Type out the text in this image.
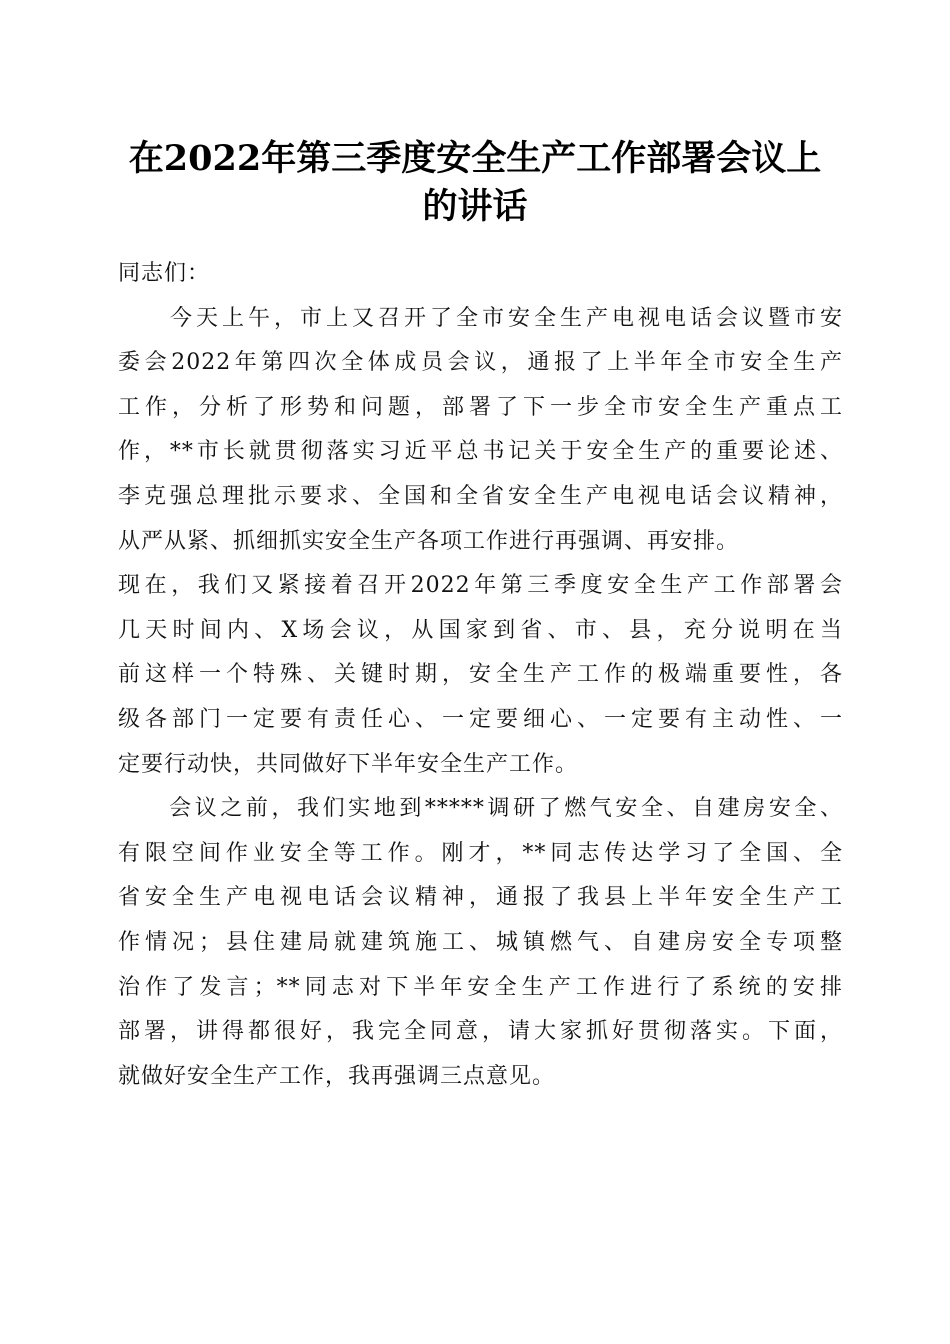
在2022年第三季度安全生产工作部署会议上
的讲话
同志们：
　　今天上午，市上又召开了全市安全生产电视电话会议暨市安
委会2022年第四次全体成员会议，通报了上半年全市安全生产
工作，分析了形势和问题，部署了下一步全市安全生产重点工
作，**市长就贯彻落实习近平总书记关于安全生产的重要论述、
李克强总理批示要求、全国和全省安全生产电视电话会议精神，
从严从紧、抓细抓实安全生产各项工作进行再强调、再安排。
现在，我们又紧接着召开2022年第三季度安全生产工作部署会
几天时间内、X场会议，从国家到省、市、县，充分说明在当
前这样一个特殊、关键时期，安全生产工作的极端重要性，各
级各部门一定要有责任心、一定要细心、一定要有主动性、一
定要行动快，共同做好下半年安全生产工作。
　　会议之前，我们实地到*****调研了燃气安全、自建房安全、
有限空间作业安全等工作。刚才，**同志传达学习了全国、全
省安全生产电视电话会议精神，通报了我县上半年安全生产工
作情况；县住建局就建筑施工、城镇燃气、自建房安全专项整
治作了发言；**同志对下半年安全生产工作进行了系统的安排
部署，讲得都很好，我完全同意，请大家抓好贯彻落实。下面，
就做好安全生产工作，我再强调三点意见。
